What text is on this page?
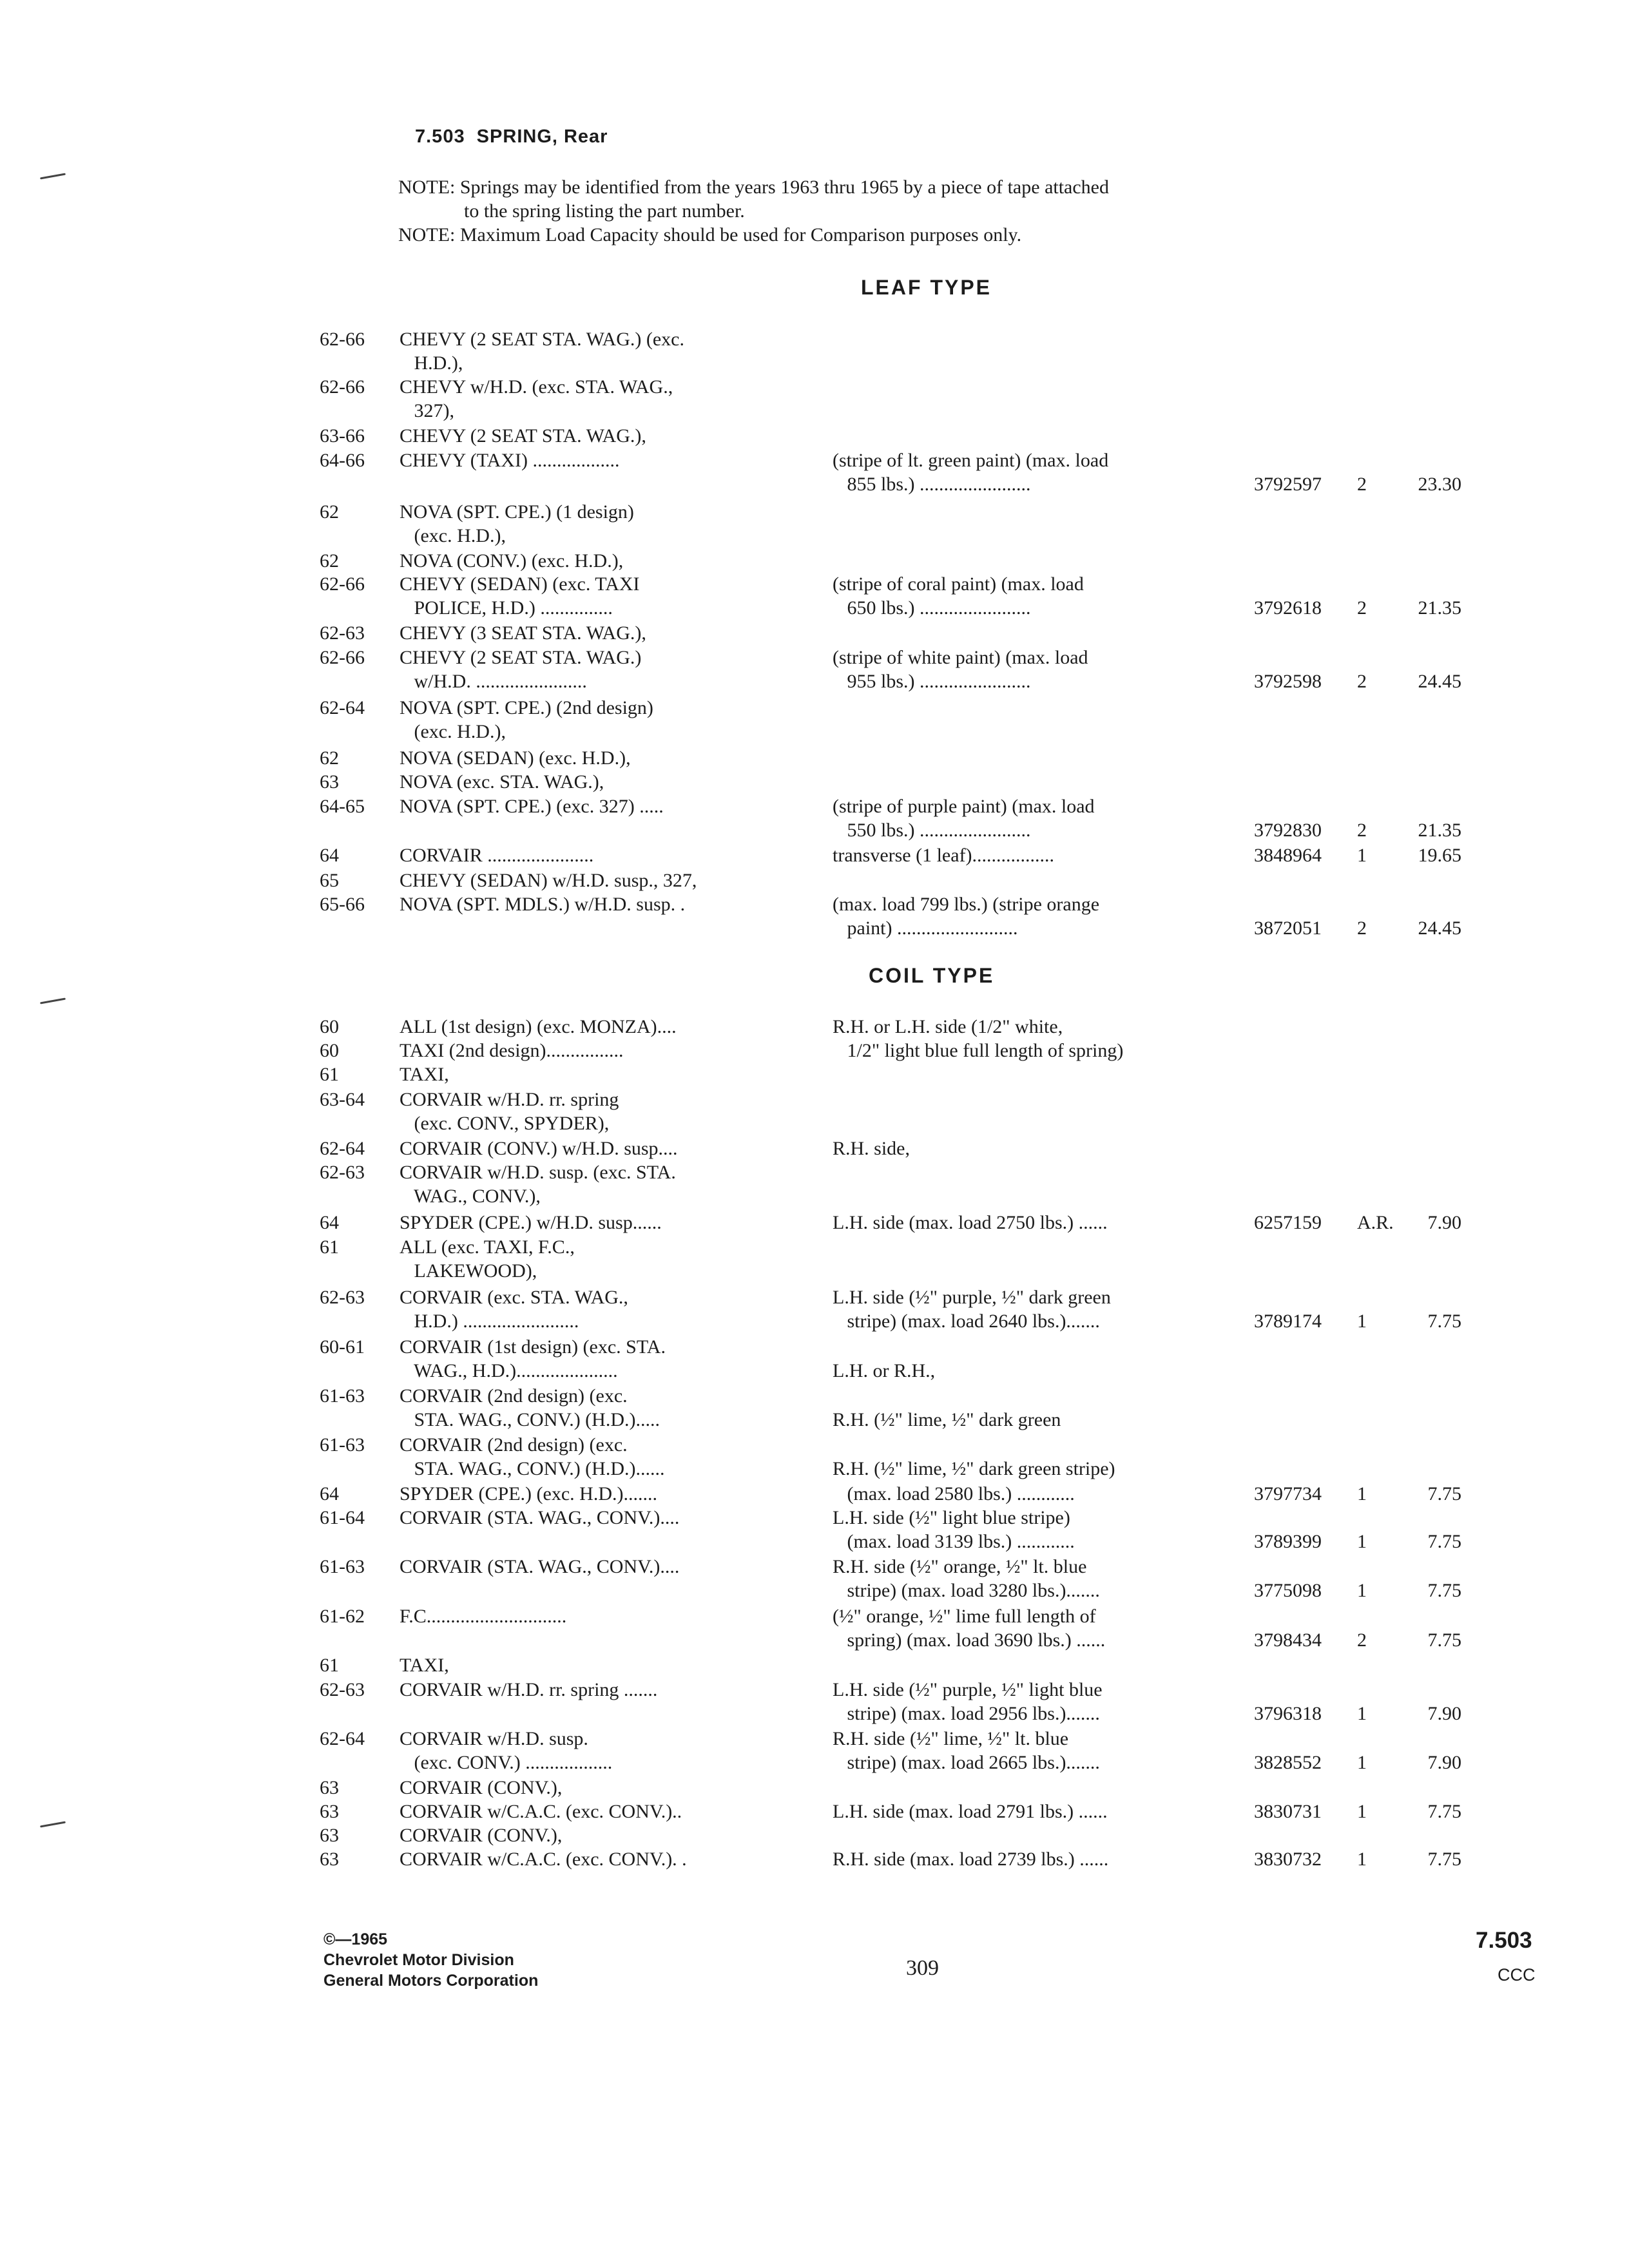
7.503  SPRING, Rear
NOTE: Springs may be identified from the years 1963 thru 1965 by a piece of tape attached
to the spring listing the part number.
NOTE: Maximum Load Capacity should be used for Comparison purposes only.
LEAF TYPE
62-66 CHEVY (2 SEAT STA. WAG.) (exc.
H.D.),
62-66 CHEVY w/H.D. (exc. STA. WAG.,
327),
63-66 CHEVY (2 SEAT STA. WAG.),
64-66 CHEVY (TAXI) ..................	(stripe of lt. green paint) (max. load
855 lbs.) .......................	3792597 2	23.30
62	NOVA (SPT. CPE.) (1 design)
(exc. H.D.),
62	NOVA (CONV.) (exc. H.D.),
62-66 CHEVY (SEDAN) (exc. TAXI	(stripe of coral paint) (max. load
POLICE, H.D.) ...............	650 lbs.) .......................	3792618 2	21.35
62-63 CHEVY (3 SEAT STA. WAG.),
62-66 CHEVY (2 SEAT STA. WAG.)	(stripe of white paint) (max. load
w/H.D. .......................	955 lbs.) .......................	3792598 2	24.45
62-64 NOVA (SPT. CPE.) (2nd design)
(exc. H.D.),
62	NOVA (SEDAN) (exc. H.D.),
63	NOVA (exc. STA. WAG.),
64-65 NOVA (SPT. CPE.) (exc. 327) .....	(stripe of purple paint) (max. load
550 lbs.) .......................	3792830 2	21.35
64	CORVAIR ......................	transverse (1 leaf).................	3848964 1	19.65
65	CHEVY (SEDAN) w/H.D. susp., 327,
65-66 NOVA (SPT. MDLS.) w/H.D. susp. .	(max. load 799 lbs.) (stripe orange
paint) .........................	3872051 2	24.45
COIL TYPE
60	ALL (1st design) (exc. MONZA)....	R.H. or L.H. side (1/2" white,
60	TAXI (2nd design)................	1/2" light blue full length of spring)
61	TAXI,
63-64 CORVAIR w/H.D. rr. spring
(exc. CONV., SPYDER),
62-64 CORVAIR (CONV.) w/H.D. susp....	R.H. side,
62-63 CORVAIR w/H.D. susp. (exc. STA.
WAG., CONV.),
64	SPYDER (CPE.) w/H.D. susp......	L.H. side (max. load 2750 lbs.) ......	6257159 A.R.	7.90
61	ALL (exc. TAXI, F.C.,
LAKEWOOD),
62-63 CORVAIR (exc. STA. WAG.,	L.H. side (½" purple, ½" dark green
H.D.) ........................	stripe) (max. load 2640 lbs.).......	3789174 1	7.75
60-61 CORVAIR (1st design) (exc. STA.
WAG., H.D.).....................	L.H. or R.H.,
61-63 CORVAIR (2nd design) (exc.
STA. WAG., CONV.) (H.D.).....	R.H. (½" lime, ½" dark green
61-63 CORVAIR (2nd design) (exc.
STA. WAG., CONV.) (H.D.)......	R.H. (½" lime, ½" dark green stripe)
64	SPYDER (CPE.) (exc. H.D.).......	(max. load 2580 lbs.) ............	3797734 1	7.75
61-64 CORVAIR (STA. WAG., CONV.)....	L.H. side (½" light blue stripe)
(max. load 3139 lbs.) ............	3789399 1	7.75
61-63 CORVAIR (STA. WAG., CONV.)....	R.H. side (½" orange, ½" lt. blue
stripe) (max. load 3280 lbs.).......	3775098 1	7.75
61-62 F.C.............................	(½" orange, ½" lime full length of
spring) (max. load 3690 lbs.) ......	3798434 2	7.75
61	TAXI,
62-63 CORVAIR w/H.D. rr. spring .......	L.H. side (½" purple, ½" light blue
stripe) (max. load 2956 lbs.).......	3796318 1	7.90
62-64 CORVAIR w/H.D. susp.	R.H. side (½" lime, ½" lt. blue
(exc. CONV.) ..................	stripe) (max. load 2665 lbs.).......	3828552 1	7.90
63	CORVAIR (CONV.),
63	CORVAIR w/C.A.C. (exc. CONV.)..	L.H. side (max. load 2791 lbs.) ......	3830731 1	7.75
63	CORVAIR (CONV.),
63	CORVAIR w/C.A.C. (exc. CONV.). .	R.H. side (max. load 2739 lbs.) ......	3830732 1	7.75
©—1965
Chevrolet Motor Division
General Motors Corporation
309
7.503
CCC
